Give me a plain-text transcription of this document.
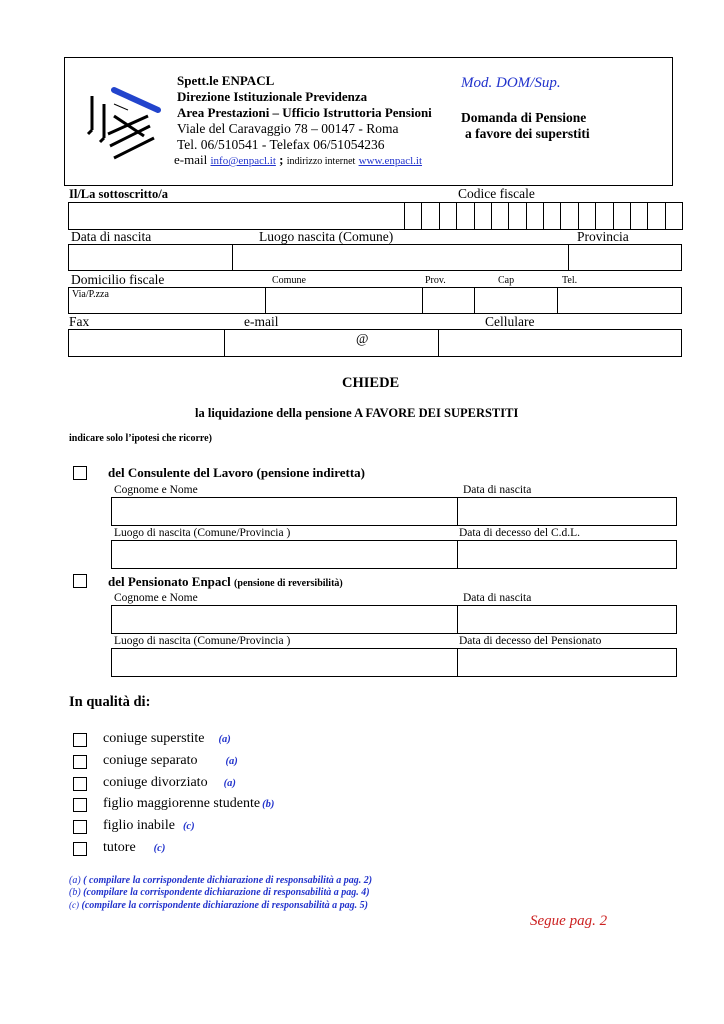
Spett.le ENPACL
Direzione Istituzionale Previdenza
Area Prestazioni – Ufficio Istruttoria Pensioni
Viale del Caravaggio 78 – 00147 - Roma
Tel. 06/510541 - Telefax 06/51054236
e-mail info@enpacl.it ; indirizzo internet www.enpacl.it
Mod. DOM/Sup.
Domanda di Pensione
a favore dei superstiti
Il/La sottoscritto/a	Codice fiscale
Data di nascita	Luogo nascita (Comune)	Provincia
Domicilio fiscale	Comune	Prov.	Cap	Tel.
Via/P.zza
Fax	e-mail	Cellulare
@
CHIEDE
la liquidazione della pensione A FAVORE DEI SUPERSTITI
indicare solo l’ipotesi che ricorre)
del Consulente del Lavoro (pensione indiretta)
Cognome e Nome	Data di nascita
Luogo di nascita (Comune/Provincia )	Data di decesso del C.d.L.
del Pensionato Enpacl (pensione di reversibilità)
Cognome e Nome	Data di nascita
Luogo di nascita (Comune/Provincia )	Data di decesso del Pensionato
In qualità di:
coniuge superstite (a)
coniuge separato	(a)
coniuge divorziato (a)
figlio maggiorenne studente (b)
figlio inabile (c)
tutore (c)
(a) ( compilare la corrispondente dichiarazione di responsabilità a pag. 2)
(b) (compilare la corrispondente dichiarazione di responsabilità a pag. 4)
(c) (compilare la corrispondente dichiarazione di responsabilità a pag. 5)
Segue pag. 2
